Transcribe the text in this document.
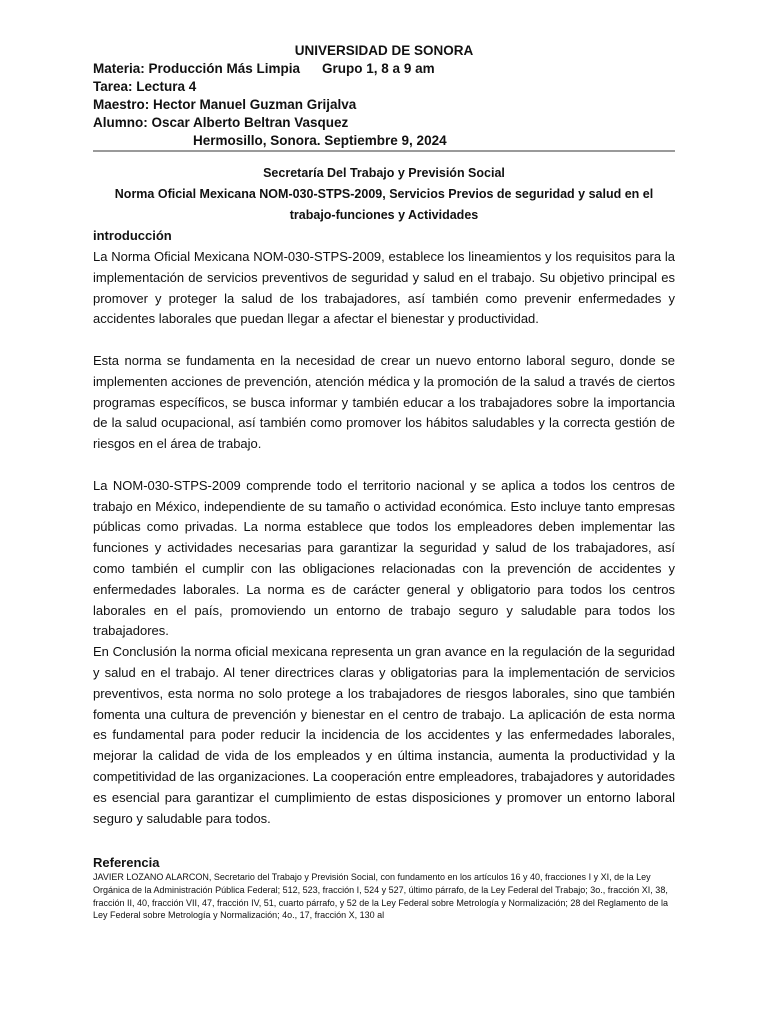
UNIVERSIDAD DE SONORA
Materia: Producción Más Limpia Grupo 1, 8 a 9 am
Tarea: Lectura 4
Maestro: Hector Manuel Guzman Grijalva
Alumno: Oscar Alberto Beltran Vasquez
Hermosillo, Sonora. Septiembre 9, 2024
Secretaría Del Trabajo y Previsión Social
Norma Oficial Mexicana NOM-030-STPS-2009, Servicios Previos de seguridad y salud en el
trabajo-funciones y Actividades
introducción

La Norma Oficial Mexicana NOM-030-STPS-2009, establece los lineamientos y los requisitos para la implementación de servicios preventivos de seguridad y salud en el trabajo. Su objetivo principal es promover y proteger la salud de los trabajadores, así también como prevenir enfermedades y accidentes laborales que puedan llegar a afectar el bienestar y productividad.

Esta norma se fundamenta en la necesidad de crear un nuevo entorno laboral seguro, donde se implementen acciones de prevención, atención médica y la promoción de la salud a través de ciertos programas específicos, se busca informar y también educar a los trabajadores sobre la importancia de la salud ocupacional, así también como promover los hábitos saludables y la correcta gestión de riesgos en el área de trabajo.

La NOM-030-STPS-2009 comprende todo el territorio nacional y se aplica a todos los centros de trabajo en México, independiente de su tamaño o actividad económica. Esto incluye tanto empresas públicas como privadas. La norma establece que todos los empleadores deben implementar las funciones y actividades necesarias para garantizar la seguridad y salud de los trabajadores, así como también el cumplir con las obligaciones relacionadas con la prevención de accidentes y enfermedades laborales. La norma es de carácter general y obligatorio para todos los centros laborales en el país, promoviendo un entorno de trabajo seguro y saludable para todos los trabajadores.

En Conclusión la norma oficial mexicana representa un gran avance en la regulación de la seguridad y salud en el trabajo. Al tener directrices claras y obligatorias para la implementación de servicios preventivos, esta norma no solo protege a los trabajadores de riesgos laborales, sino que también fomenta una cultura de prevención y bienestar en el centro de trabajo. La aplicación de esta norma es fundamental para poder reducir la incidencia de los accidentes y las enfermedades laborales, mejorar la calidad de vida de los empleados y en última instancia, aumenta la productividad y la competitividad de las organizaciones. La cooperación entre empleadores, trabajadores y autoridades es esencial para garantizar el cumplimiento de estas disposiciones y promover un entorno laboral seguro y saludable para todos.

Referencia
JAVIER LOZANO ALARCON, Secretario del Trabajo y Previsión Social, con fundamento en los artículos 16 y 40, fracciones I y XI, de la Ley Orgánica de la Administración Pública Federal; 512, 523, fracción I, 524 y 527, último párrafo, de la Ley Federal del Trabajo; 3o., fracción XI, 38, fracción II, 40, fracción VII, 47, fracción IV, 51, cuarto párrafo, y 52 de la Ley Federal sobre Metrología y Normalización; 28 del Reglamento de la Ley Federal sobre Metrología y Normalización; 4o., 17, fracción X, 130 al
